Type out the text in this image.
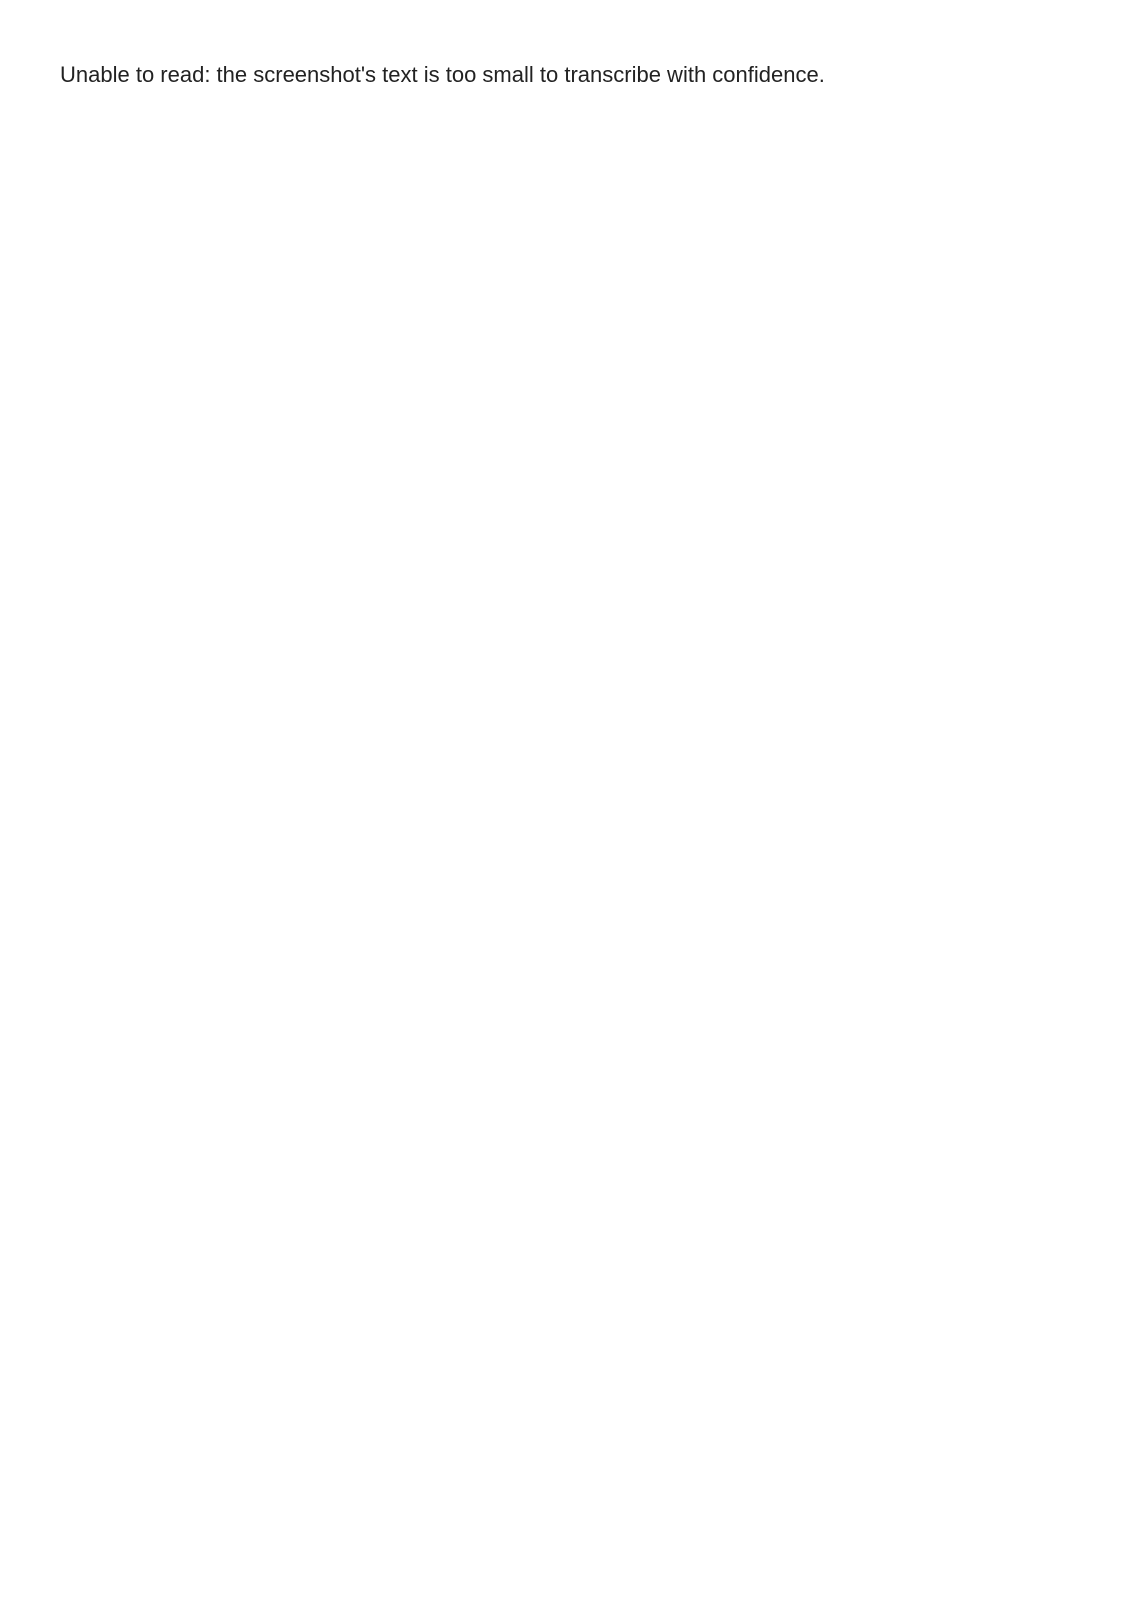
Unable to read: the screenshot's text is too small to transcribe with confidence.
